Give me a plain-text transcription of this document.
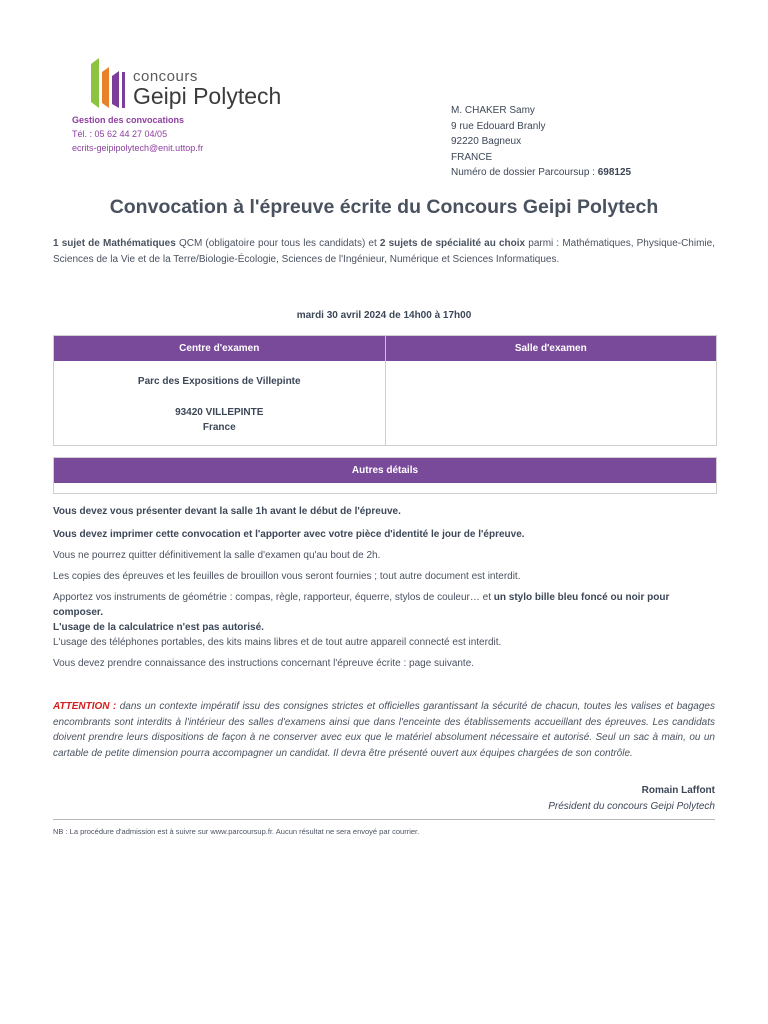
concours
Geipi Polytech
Gestion des convocations
Tél. : 05 62 44 27 04/05
ecrits-geipipolytech@enit.uttop.fr
M. CHAKER Samy
9 rue Edouard Branly
92220 Bagneux
FRANCE
Numéro de dossier Parcoursup : 698125
Convocation à l'épreuve écrite du Concours Geipi Polytech
1 sujet de Mathématiques QCM (obligatoire pour tous les candidats) et 2 sujets de spécialité au choix parmi : Mathématiques, Physique-Chimie, Sciences de la Vie et de la Terre/Biologie-Écologie, Sciences de l'Ingénieur, Numérique et Sciences Informatiques.
mardi 30 avril 2024 de 14h00 à 17h00
Centre d'examen	Salle d'examen
Parc des Expositions de Villepinte
93420 VILLEPINTE
France
Autres détails

Vous devez vous présenter devant la salle 1h avant le début de l'épreuve.

Vous devez imprimer cette convocation et l'apporter avec votre pièce d'identité le jour de l'épreuve.

Vous ne pourrez quitter définitivement la salle d'examen qu'au bout de 2h.

Les copies des épreuves et les feuilles de brouillon vous seront fournies ; tout autre document est interdit.

Apportez vos instruments de géométrie : compas, règle, rapporteur, équerre, stylos de couleur… et un stylo bille bleu foncé ou noir pour composer.

L'usage de la calculatrice n'est pas autorisé.

L'usage des téléphones portables, des kits mains libres et de tout autre appareil connecté est interdit.

Vous devez prendre connaissance des instructions concernant l'épreuve écrite : page suivante.

ATTENTION : dans un contexte impératif issu des consignes strictes et officielles garantissant la sécurité de chacun, toutes les valises et bagages encombrants sont interdits à l'intérieur des salles d'examens ainsi que dans l'enceinte des établissements accueillant des épreuves. Les candidats doivent prendre leurs dispositions de façon à ne conserver avec eux que le matériel absolument nécessaire et autorisé. Seul un sac à main, ou un cartable de petite dimension pourra accompagner un candidat. Il devra être présenté ouvert aux équipes chargées de son contrôle.
Romain Laffont
Président du concours Geipi Polytech
NB : La procédure d'admission est à suivre sur www.parcoursup.fr. Aucun résultat ne sera envoyé par courrier.
